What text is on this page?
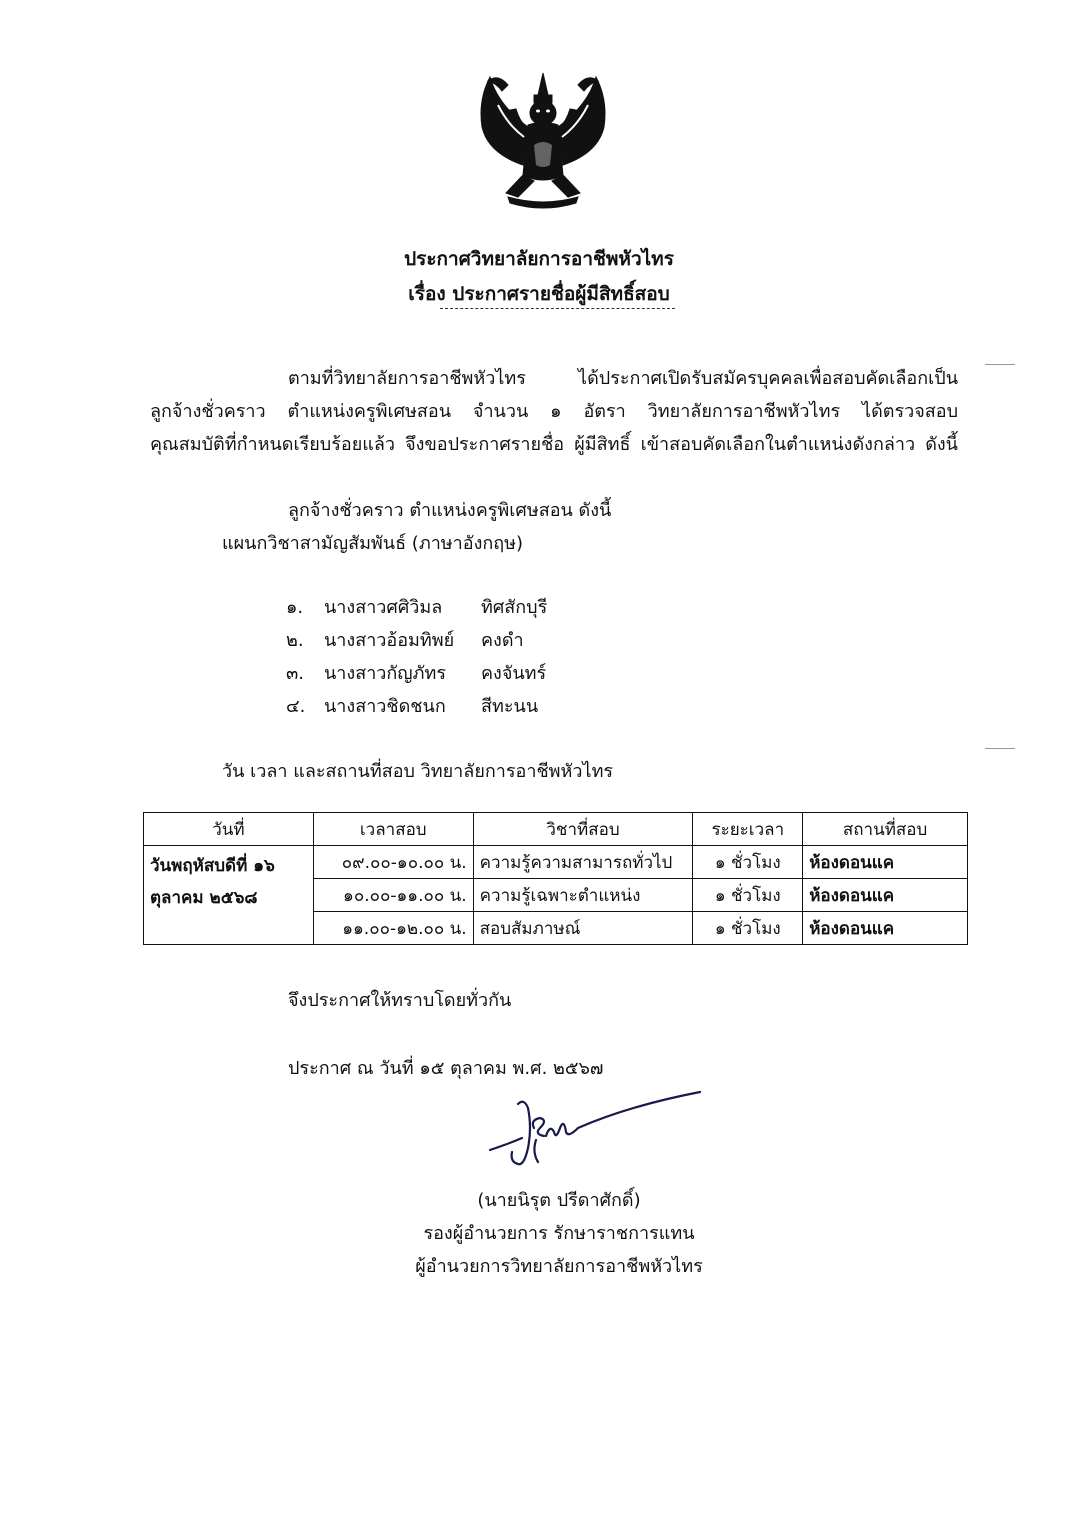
ประกาศวิทยาลัยการอาชีพหัวไทร
เรื่อง ประกาศรายชื่อผู้มีสิทธิ์สอบ
ตามที่วิทยาลัยการอาชีพหัวไทร ได้ประกาศเปิดรับสมัครบุคคลเพื่อสอบคัดเลือกเป็น
ลูกจ้างชั่วคราว ตำแหน่งครูพิเศษสอน จำนวน ๑ อัตรา วิทยาลัยการอาชีพหัวไทร ได้ตรวจสอบ
คุณสมบัติที่กำหนดเรียบร้อยแล้ว จึงขอประกาศรายชื่อ ผู้มีสิทธิ์ เข้าสอบคัดเลือกในตำแหน่งดังกล่าว ดังนี้
ลูกจ้างชั่วคราว ตำแหน่งครูพิเศษสอน ดังนี้
แผนกวิชาสามัญสัมพันธ์ (ภาษาอังกฤษ)
๑. นางสาวศศิวิมล ทิศสักบุรี
๒. นางสาวอ้อมทิพย์ คงดำ
๓. นางสาวกัญภัทร คงจันทร์
๔. นางสาวชิดชนก สีทะนน
วัน เวลา และสถานที่สอบ วิทยาลัยการอาชีพหัวไทร
วันที่	เวลาสอบ	วิชาที่สอบ	ระยะเวลา	สถานที่สอบ

วันพฤหัสบดีที่ ๑๖
ตุลาคม ๒๕๖๘	๐๙.๐๐-๑๐.๐๐ น.	ความรู้ความสามารถทั่วไป	๑ ชั่วโมง	ห้องดอนแค
	๑๐.๐๐-๑๑.๐๐ น.	ความรู้เฉพาะตำแหน่ง	๑ ชั่วโมง	ห้องดอนแค
	๑๑.๐๐-๑๒.๐๐ น.	สอบสัมภาษณ์	๑ ชั่วโมง	ห้องดอนแค
จึงประกาศให้ทราบโดยทั่วกัน
ประกาศ ณ วันที่ ๑๕ ตุลาคม พ.ศ. ๒๕๖๗
(นายนิรุต ปรีดาศักดิ์)
รองผู้อำนวยการ รักษาราชการแทน
ผู้อำนวยการวิทยาลัยการอาชีพหัวไทร
